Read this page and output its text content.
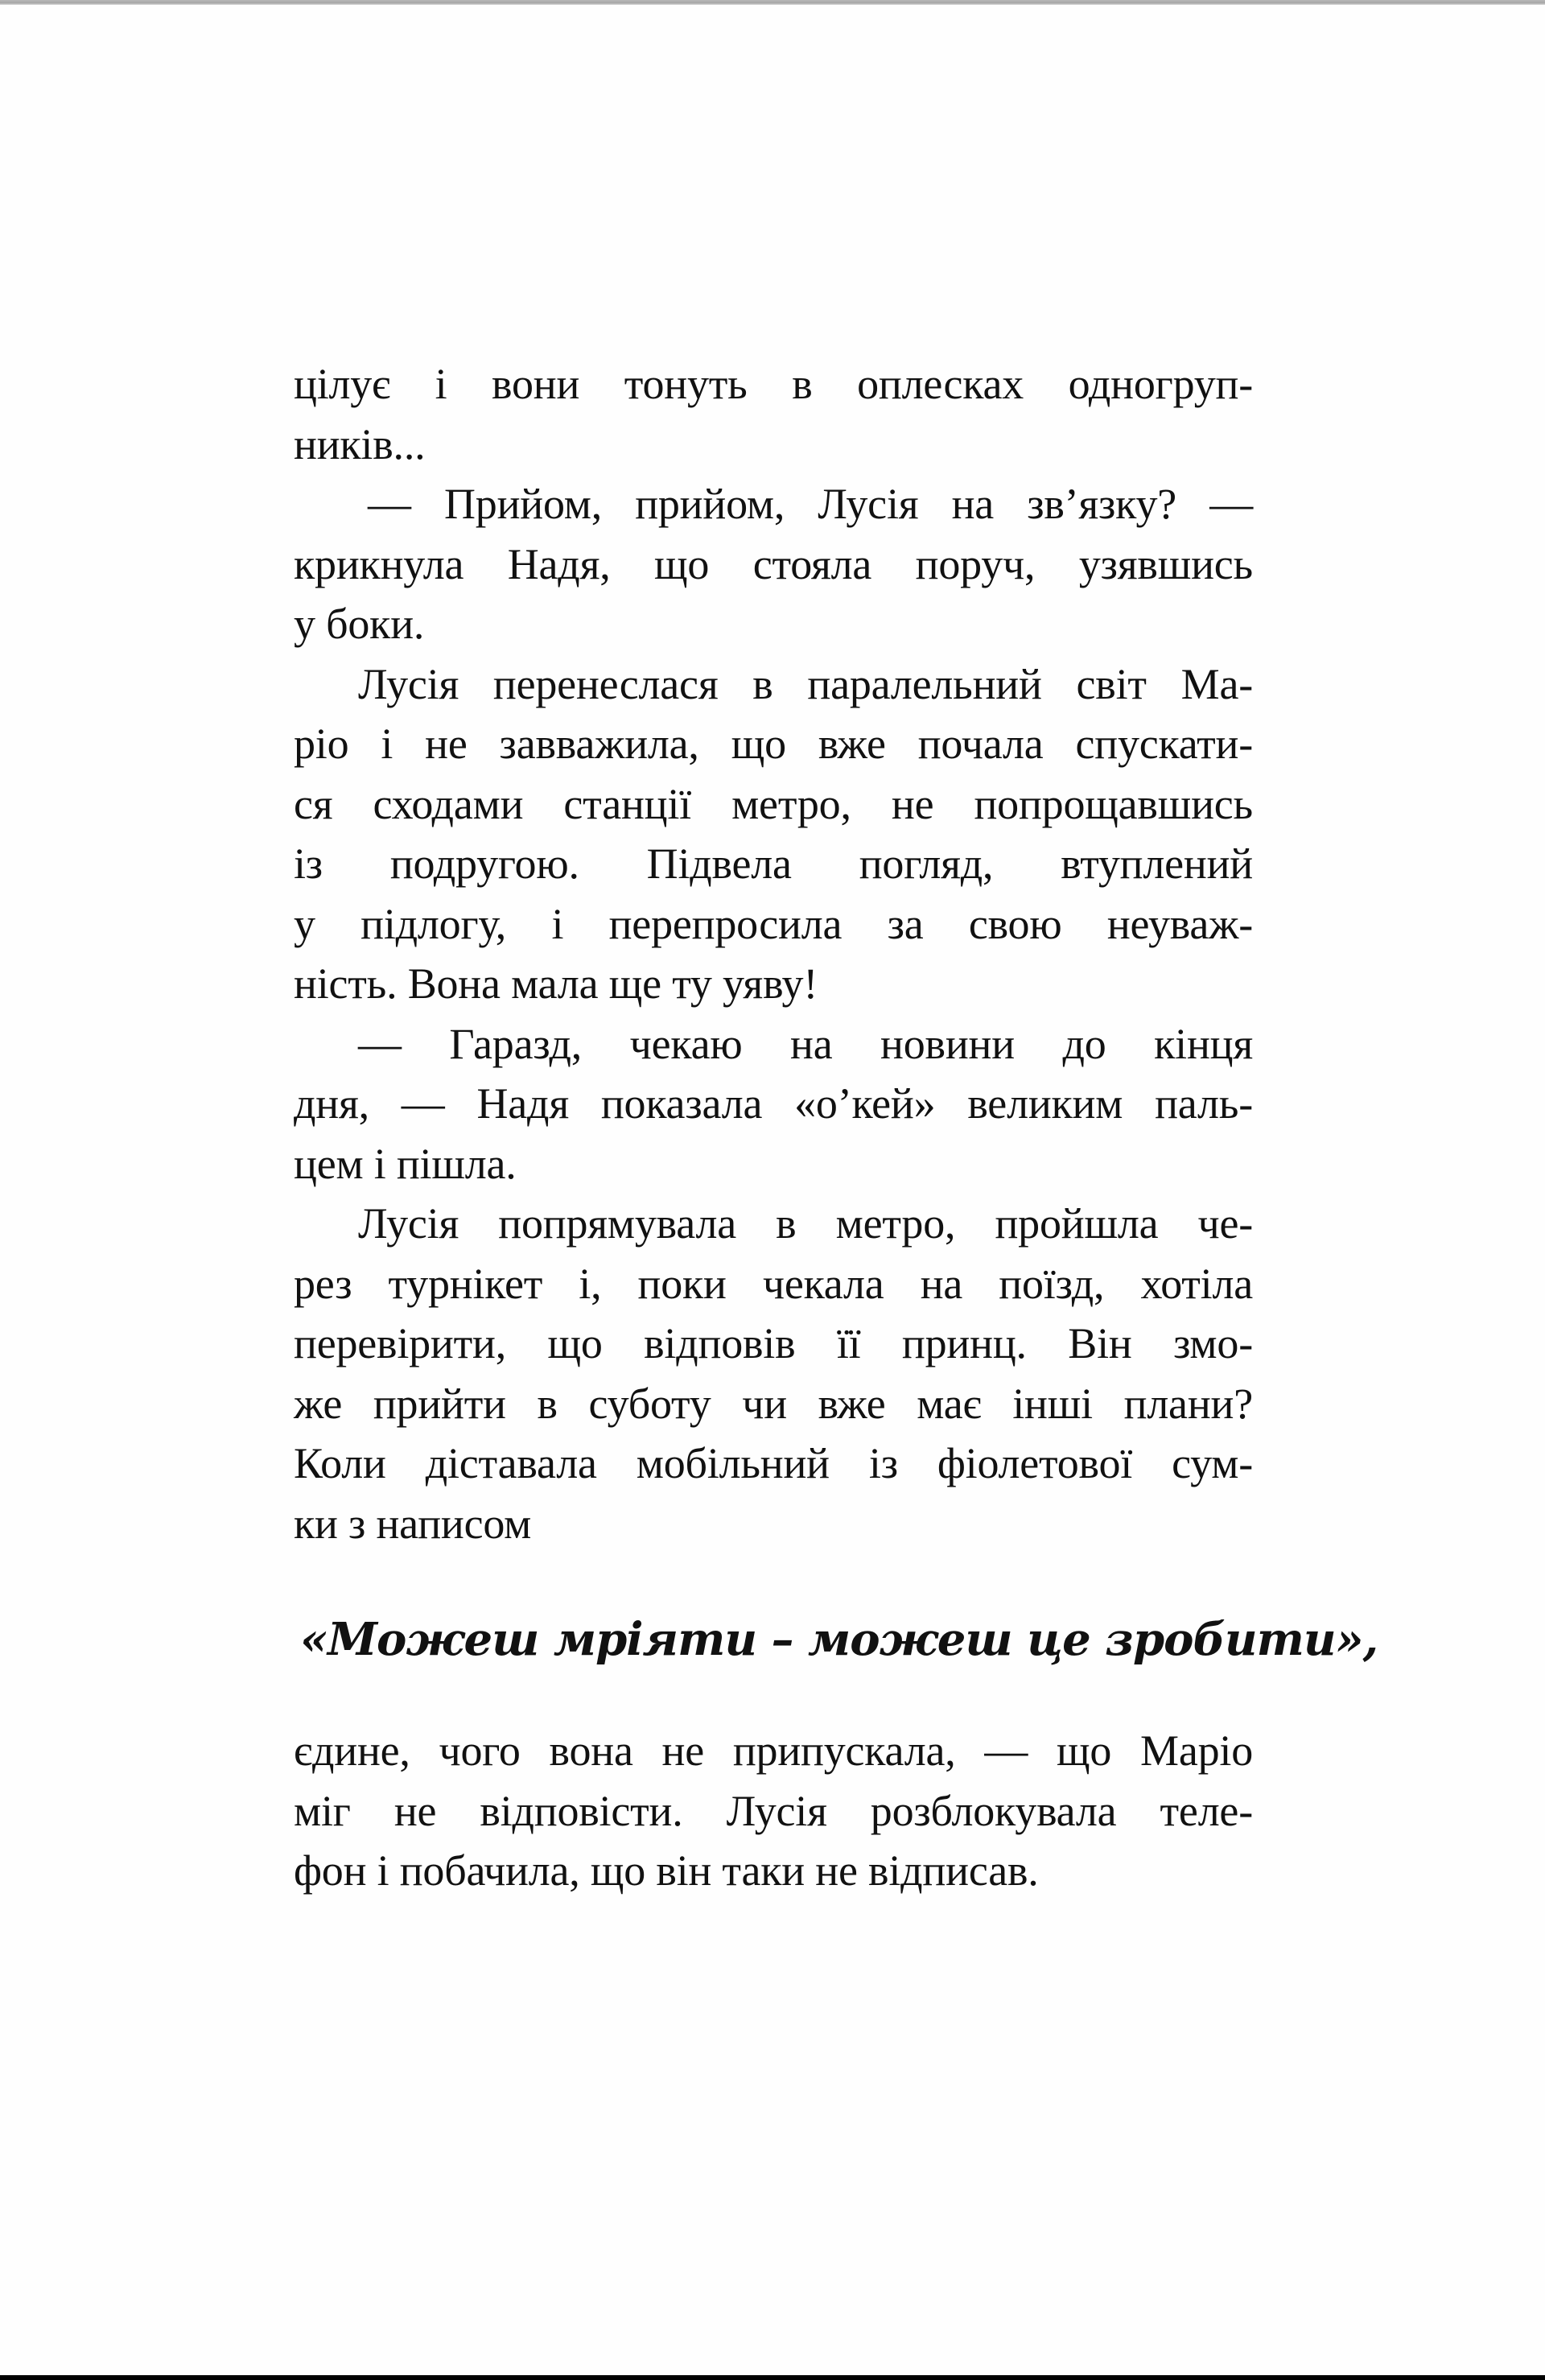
цілує і вони тонуть в оплесках одногруп-
ників...
— Прийом, прийом, Лусія на зв’язку? —
крикнула Надя, що стояла поруч, узявшись
у боки.
Лусія перенеслася в паралельний світ Ма-
ріо і не завважила, що вже почала спускати-
ся сходами станції метро, не попрощавшись
із подругою. Підвела погляд, втуплений
у підлогу, і перепросила за свою неуваж-
ність. Вона мала ще ту уяву!
— Гаразд, чекаю на новини до кінця
дня, — Надя показала «о’кей» великим паль-
цем і пішла.
Лусія попрямувала в метро, пройшла че-
рез турнікет і, поки чекала на поїзд, хотіла
перевірити, що відповів її принц. Він змо-
же прийти в суботу чи вже має інші плани?
Коли діставала мобільний із фіолетової сум-
ки з написом
«Можеш мріяти – можеш це зробити»,
єдине, чого вона не припускала, — що Маріо
міг не відповісти. Лусія розблокувала теле-
фон і побачила, що він таки не відписав.
